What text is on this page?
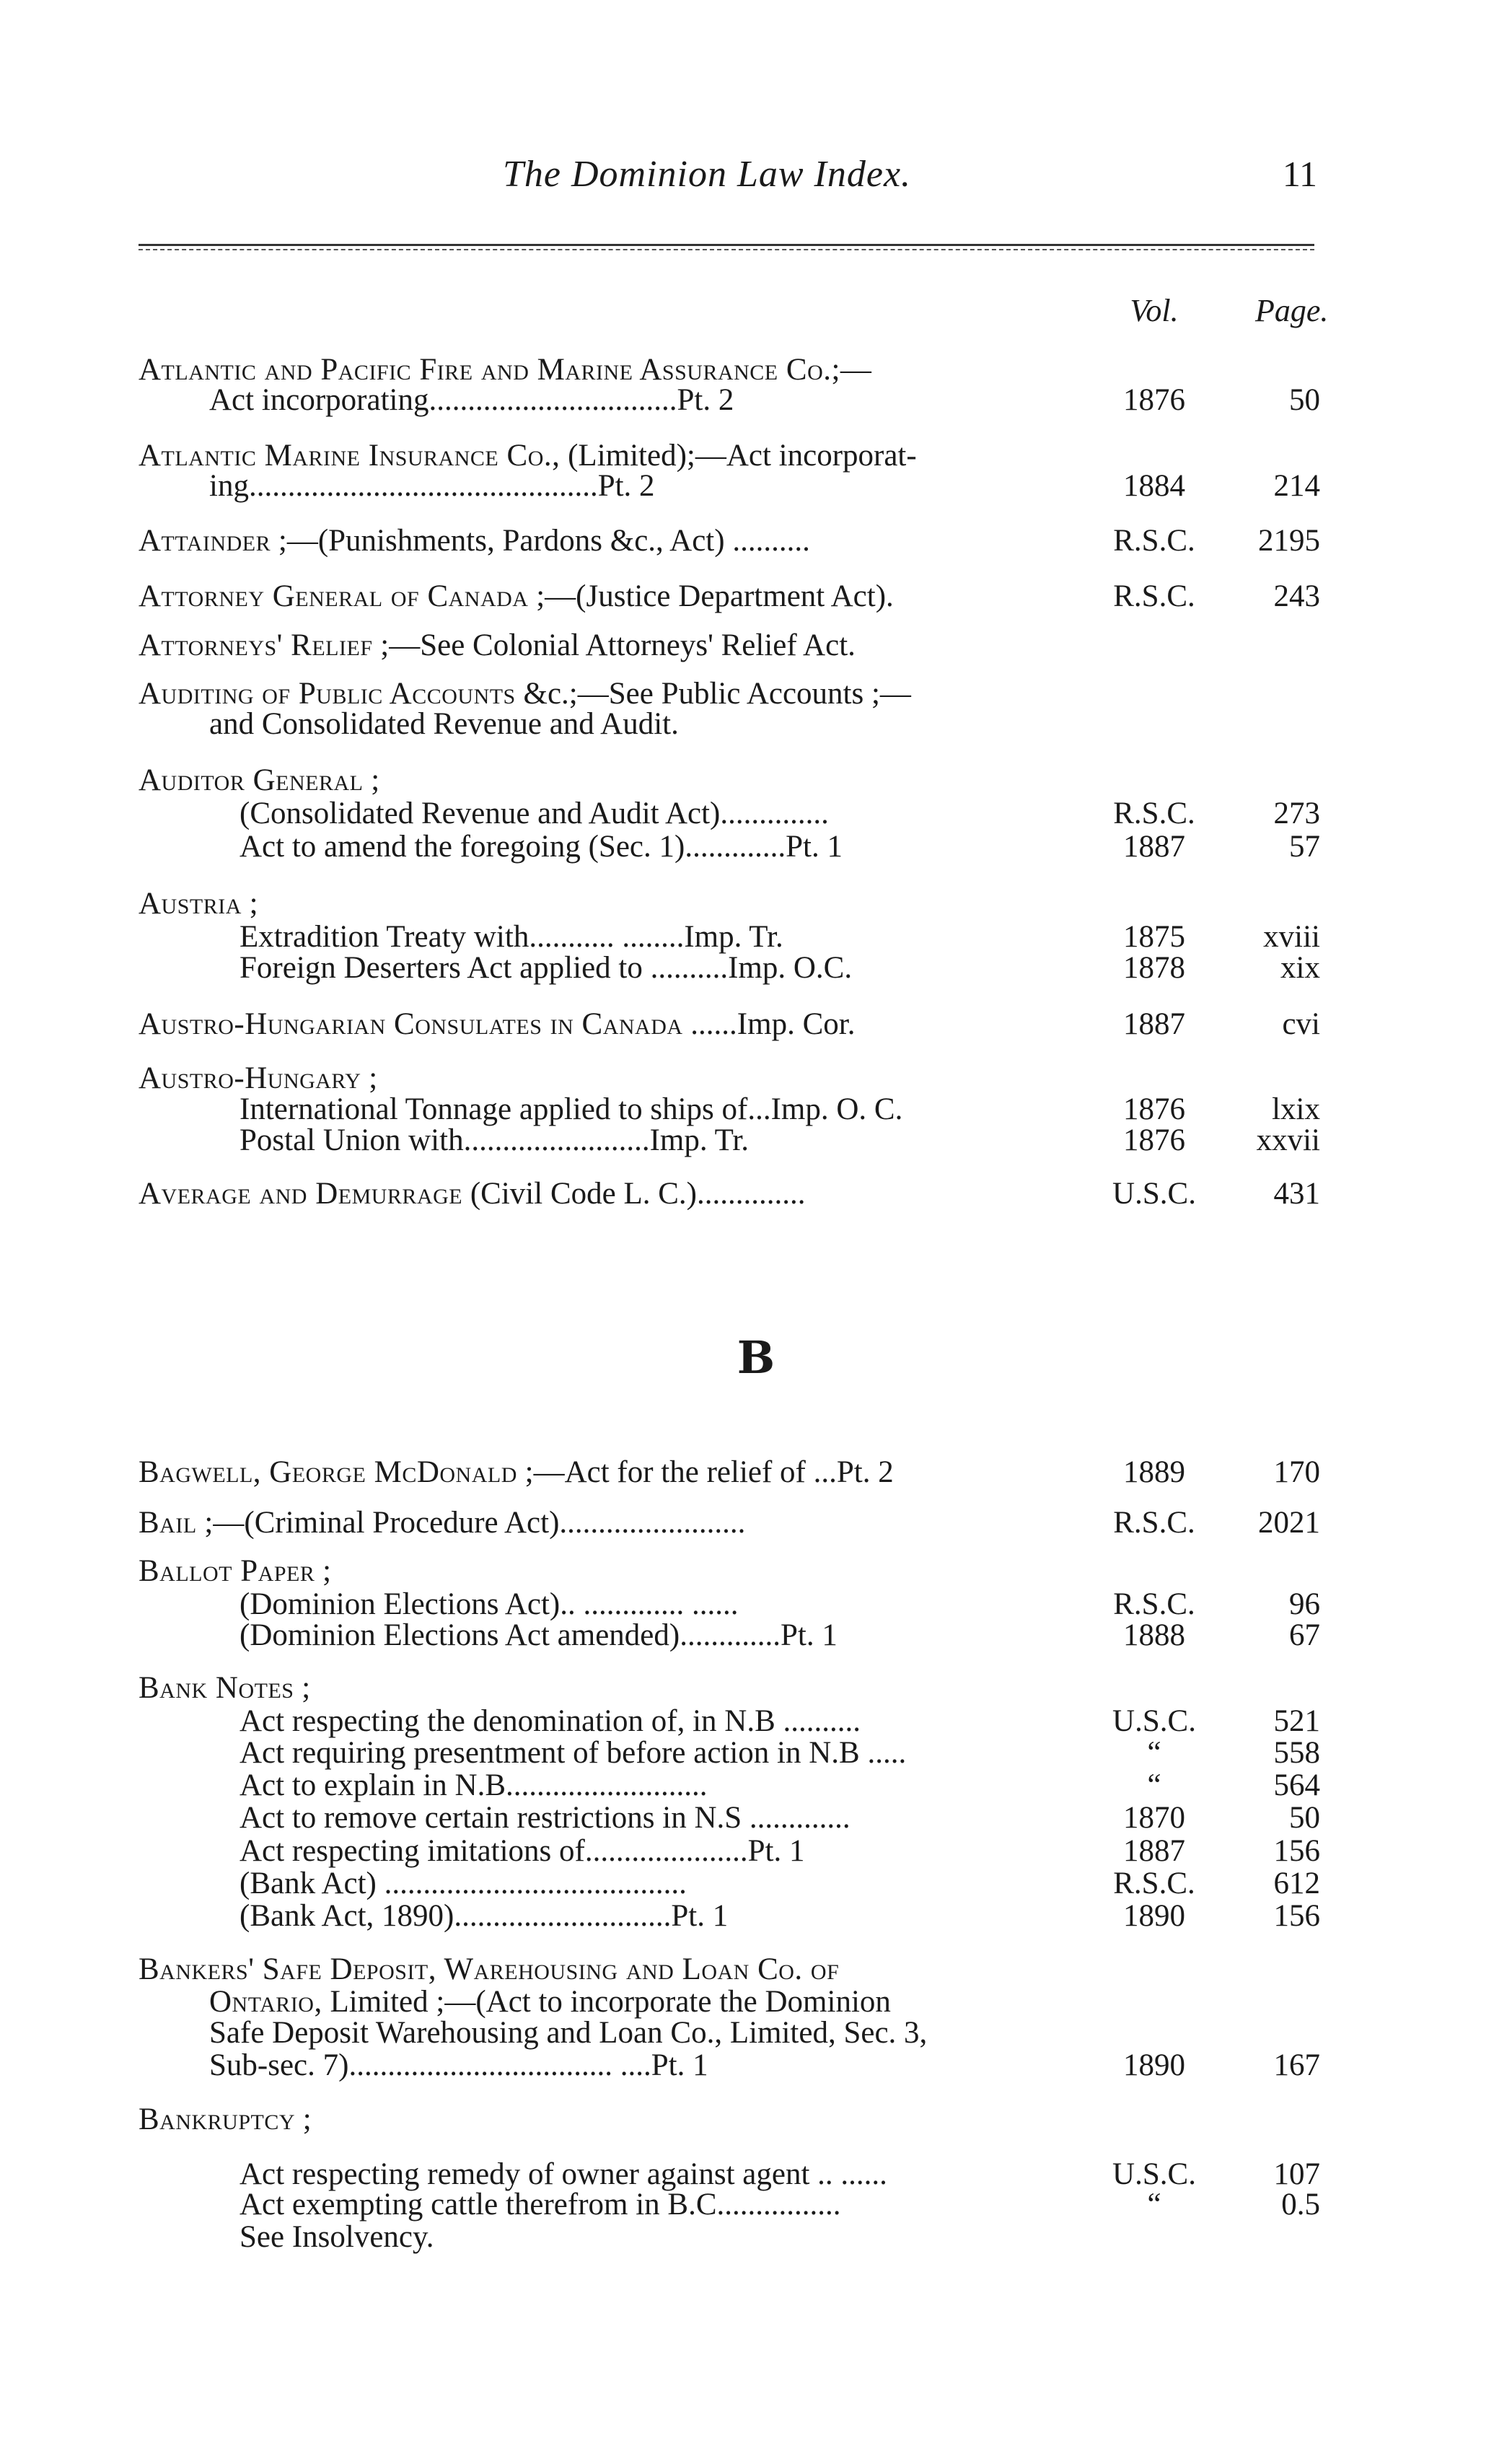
The Dominion Law Index.	11
Vol.	Page.
B
Atlantic and Pacific Fire and Marine Assurance Co.;—
Act incorporating................................Pt. 2	1876	50
Atlantic Marine Insurance Co., (Limited);—Act incorporat-
ing.............................................Pt. 2	1884	214
Attainder ;—(Punishments, Pardons &c., Act) ..........	R.S.C.	2195
Attorney General of Canada ;—(Justice Department Act).	R.S.C.	243
Attorneys' Relief ;—See Colonial Attorneys' Relief Act.
Auditing of Public Accounts &c.;—See Public Accounts ;—
and Consolidated Revenue and Audit.
Auditor General ;
(Consolidated Revenue and Audit Act)..............	R.S.C.	273
Act to amend the foregoing (Sec. 1).............Pt. 1	1887	57
Austria ;
Extradition Treaty with........... ........Imp. Tr.	1875	xviii
Foreign Deserters Act applied to ..........Imp. O.C.	1878	xix
Austro-Hungarian Consulates in Canada ......Imp. Cor.	1887	cvi
Austro-Hungary ;
International Tonnage applied to ships of...Imp. O. C.	1876	lxix
Postal Union with........................Imp. Tr.	1876	xxvii
Average and Demurrage (Civil Code L. C.)..............	U.S.C.	431
Bagwell, George McDonald ;—Act for the relief of ...Pt. 2	1889	170
Bail ;—(Criminal Procedure Act)........................	R.S.C.	2021
Ballot Paper ;
(Dominion Elections Act).. ............. ......	R.S.C.	96
(Dominion Elections Act amended).............Pt. 1	1888	67
Bank Notes ;
Act respecting the denomination of, in N.B ..........	U.S.C.	521
Act requiring presentment of before action in N.B .....	“	558
Act to explain in N.B..........................	“	564
Act to remove certain restrictions in N.S .............	1870	50
Act respecting imitations of.....................Pt. 1	1887	156
(Bank Act) .......................................	R.S.C.	612
(Bank Act, 1890)............................Pt. 1	1890	156
Bankers' Safe Deposit, Warehousing and Loan Co. of
Ontario, Limited ;—(Act to incorporate the Dominion
Safe Deposit Warehousing and Loan Co., Limited, Sec. 3,
Sub-sec. 7).................................. ....Pt. 1	1890	167
Bankruptcy ;
Act respecting remedy of owner against agent .. ......	U.S.C.	107
Act exempting cattle therefrom in B.C................	“	0.5
See Insolvency.
